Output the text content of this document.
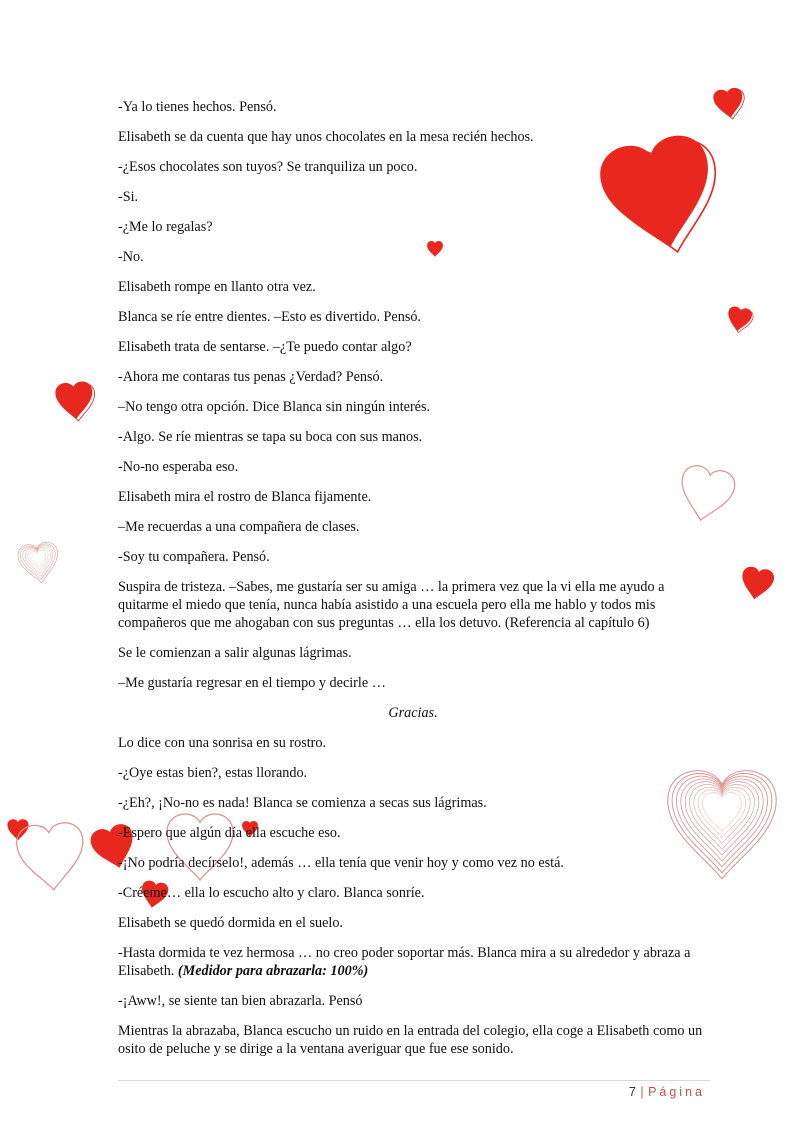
-Ya lo tienes hechos. Pensó.

Elisabeth se da cuenta que hay unos chocolates en la mesa recién hechos.

-¿Esos chocolates son tuyos? Se tranquiliza un poco.

-Si.

-¿Me lo regalas?

-No.

Elisabeth rompe en llanto otra vez.

Blanca se ríe entre dientes. –Esto es divertido. Pensó.

Elisabeth trata de sentarse. –¿Te puedo contar algo?

-Ahora me contaras tus penas ¿Verdad? Pensó.

–No tengo otra opción. Dice Blanca sin ningún interés.

-Algo. Se ríe mientras se tapa su boca con sus manos.

-No-no esperaba eso.

Elisabeth mira el rostro de Blanca fijamente.

–Me recuerdas a una compañera de clases.

-Soy tu compañera. Pensó.

Suspira de tristeza. –Sabes, me gustaría ser su amiga … la primera vez que la vi ella me ayudo a quitarme el miedo que tenía, nunca había asistido a una escuela pero ella me hablo y todos mis compañeros que me ahogaban con sus preguntas … ella los detuvo. (Referencia al capítulo 6)

Se le comienzan a salir algunas lágrimas.

–Me gustaría regresar en el tiempo y decirle …

Gracias.

Lo dice con una sonrisa en su rostro.

-¿Oye estas bien?, estas llorando.

-¿Eh?, ¡No-no es nada! Blanca se comienza a secas sus lágrimas.

-Espero que algún día ella escuche eso.

-¡No podría decírselo!, además … ella tenía que venir hoy y como vez no está.

-Créeme… ella lo escucho alto y claro. Blanca sonríe.

Elisabeth se quedó dormida en el suelo.

-Hasta dormida te vez hermosa … no creo poder soportar más. Blanca mira a su alrededor y abraza a Elisabeth. (Medidor para abrazarla: 100%)

-¡Aww!, se siente tan bien abrazarla. Pensó

Mientras la abrazaba, Blanca escucho un ruido en la entrada del colegio, ella coge a Elisabeth como un osito de peluche y se dirige a la ventana averiguar que fue ese sonido.

7 | Página
